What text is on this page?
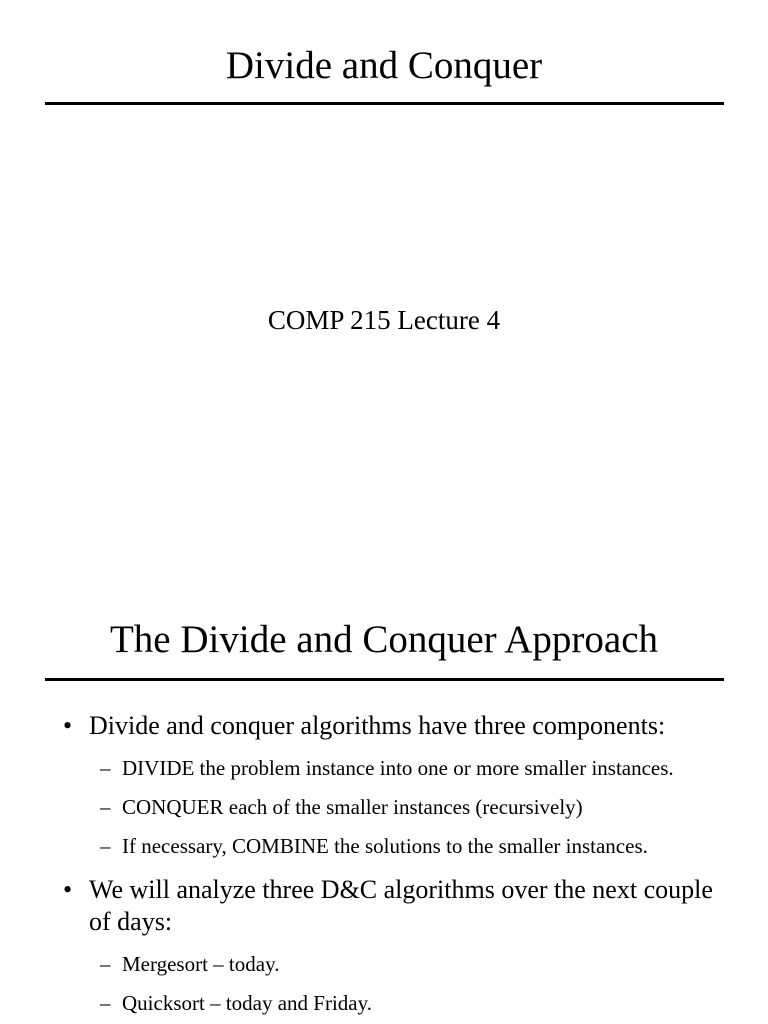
Divide and Conquer
COMP 215 Lecture 4
The Divide and Conquer Approach
• Divide and conquer algorithms have three components:
– DIVIDE the problem instance into one or more smaller instances.
– CONQUER each of the smaller instances (recursively)
– If necessary, COMBINE the solutions to the smaller instances.
• We will analyze three D&C algorithms over the next couple of days:
– Mergesort – today.
– Quicksort – today and Friday.
